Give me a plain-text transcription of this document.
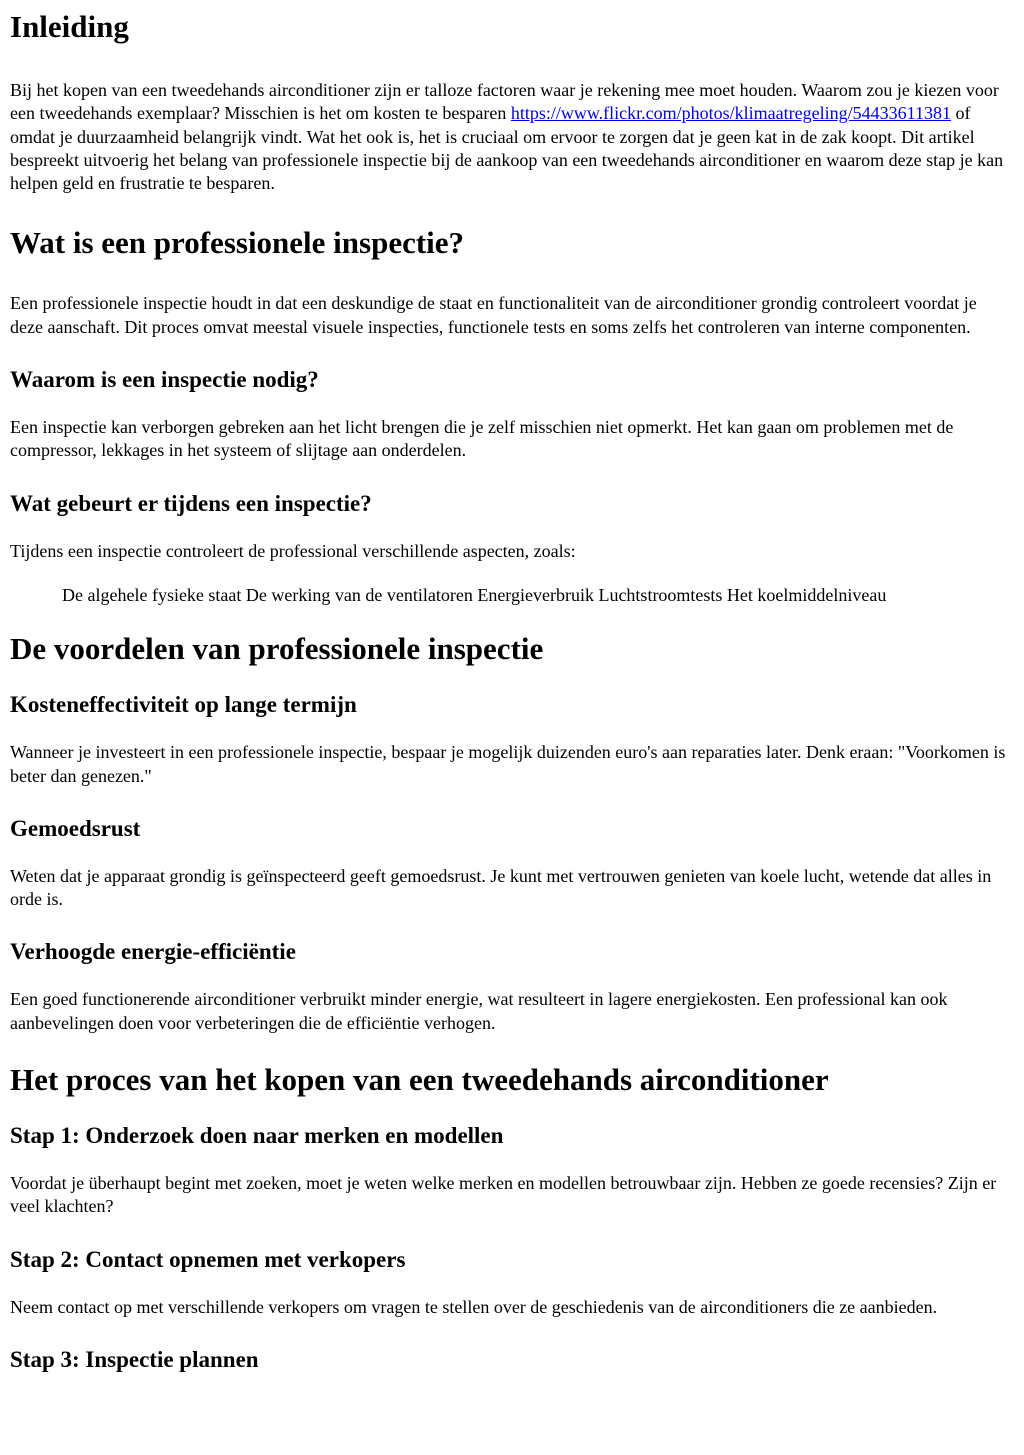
Inleiding

Bij het kopen van een tweedehands airconditioner zijn er talloze factoren waar je rekening mee moet houden. Waarom zou je kiezen voor een tweedehands exemplaar? Misschien is het om kosten te besparen https://www.flickr.com/photos/klimaatregeling/54433611381 of omdat je duurzaamheid belangrijk vindt. Wat het ook is, het is cruciaal om ervoor te zorgen dat je geen kat in de zak koopt. Dit artikel bespreekt uitvoerig het belang van professionele inspectie bij de aankoop van een tweedehands airconditioner en waarom deze stap je kan helpen geld en frustratie te besparen.

Wat is een professionele inspectie?

Een professionele inspectie houdt in dat een deskundige de staat en functionaliteit van de airconditioner grondig controleert voordat je deze aanschaft. Dit proces omvat meestal visuele inspecties, functionele tests en soms zelfs het controleren van interne componenten.

Waarom is een inspectie nodig?

Een inspectie kan verborgen gebreken aan het licht brengen die je zelf misschien niet opmerkt. Het kan gaan om problemen met de compressor, lekkages in het systeem of slijtage aan onderdelen.

Wat gebeurt er tijdens een inspectie?

Tijdens een inspectie controleert de professional verschillende aspecten, zoals:

De algehele fysieke staat De werking van de ventilatoren Energieverbruik Luchtstroomtests Het koelmiddelniveau

De voordelen van professionele inspectie
Kosteneffectiviteit op lange termijn

Wanneer je investeert in een professionele inspectie, bespaar je mogelijk duizenden euro's aan reparaties later. Denk eraan: "Voorkomen is beter dan genezen."

Gemoedsrust

Weten dat je apparaat grondig is geïnspecteerd geeft gemoedsrust. Je kunt met vertrouwen genieten van koele lucht, wetende dat alles in orde is.

Verhoogde energie-efficiëntie

Een goed functionerende airconditioner verbruikt minder energie, wat resulteert in lagere energiekosten. Een professional kan ook aanbevelingen doen voor verbeteringen die de efficiëntie verhogen.

Het proces van het kopen van een tweedehands airconditioner
Stap 1: Onderzoek doen naar merken en modellen

Voordat je überhaupt begint met zoeken, moet je weten welke merken en modellen betrouwbaar zijn. Hebben ze goede recensies? Zijn er veel klachten?

Stap 2: Contact opnemen met verkopers

Neem contact op met verschillende verkopers om vragen te stellen over de geschiedenis van de airconditioners die ze aanbieden.

Stap 3: Inspectie plannen
